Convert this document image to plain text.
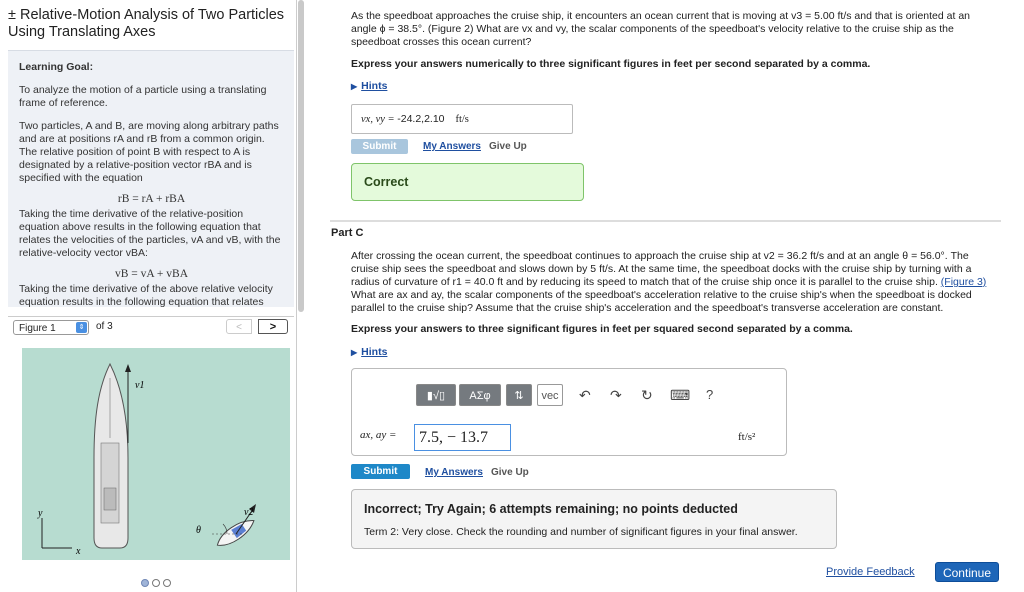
± Relative-Motion Analysis of Two Particles Using Translating Axes
Learning Goal:

To analyze the motion of a particle using a translating frame of reference.

Two particles, A and B, are moving along arbitrary paths and are at positions rA and rB from a common origin. The relative position of point B with respect to A is designated by a relative-position vector rBA and is specified with the equation

rB = rA + rBA

Taking the time derivative of the relative-position equation above results in the following equation that relates the velocities of the particles, vA and vB, with the relative-velocity vector vBA:

vB = vA + vBA

Taking the time derivative of the above relative velocity equation results in the following equation that relates

Figure 1	⇕ of 3	<	>
v1
v2
θ
y
x
As the speedboat approaches the cruise ship, it encounters an ocean current that is moving at v3 = 5.00 ft/s and that is oriented at an angle ϕ = 38.5°. (Figure 2) What are vx and vy, the scalar components of the speedboat's velocity relative to the cruise ship as the speedboat crosses this ocean current?
Express your answers numerically to three significant figures in feet per second separated by a comma.
▶ Hints
vx, vy = -24.2,2.10 ft/s
Submit	My Answers Give Up
Correct
Part C
After crossing the ocean current, the speedboat continues to approach the cruise ship at v2 = 36.2 ft/s and at an angle θ = 56.0°. The
cruise ship sees the speedboat and slows down by 5 ft/s. At the same time, the speedboat docks with the cruise ship by turning with a
radius of curvature of r1 = 40.0 ft and by reducing its speed to match that of the cruise ship once it is parallel to the cruise ship. (Figure 3)
What are ax and ay, the scalar components of the speedboat's acceleration relative to the cruise ship's when the speedboat is docked
parallel to the cruise ship? Assume that the cruise ship's acceleration and the speedboat's transverse acceleration are constant.
Express your answers to three significant figures in feet per squared second separated by a comma.
▶ Hints
▮√▯	ΑΣφ	⇅	vec	↶ ↷ ↻ ⌨ ?
ax, ay =	7.5, − 13.7	ft/s²
Submit	My Answers Give Up
Incorrect; Try Again; 6 attempts remaining; no points deducted
Term 2: Very close. Check the rounding and number of significant figures in your final answer.
Provide Feedback	Continue
